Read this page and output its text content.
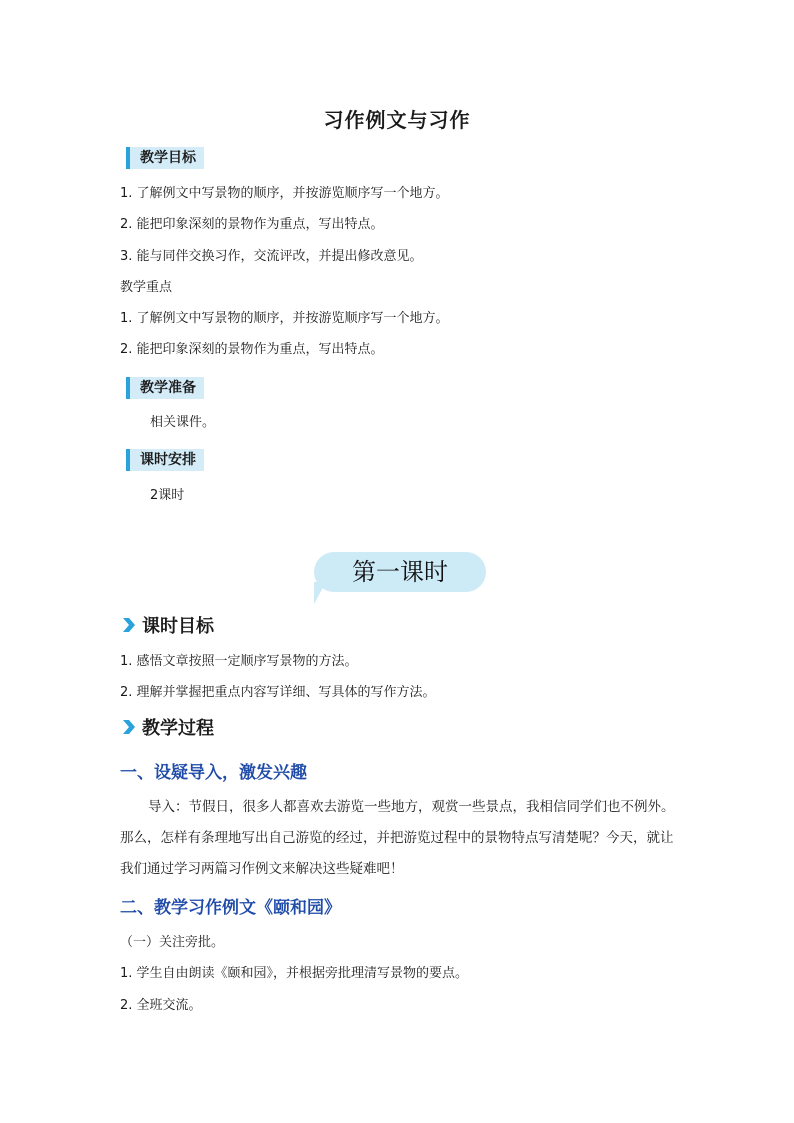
习作例文与习作
教学目标
1. 了解例文中写景物的顺序，并按游览顺序写一个地方。
2. 能把印象深刻的景物作为重点，写出特点。
3. 能与同伴交换习作，交流评改，并提出修改意见。
教学重点
1. 了解例文中写景物的顺序，并按游览顺序写一个地方。
2. 能把印象深刻的景物作为重点，写出特点。
教学准备
相关课件。
课时安排
2课时
第一课时
课时目标
1. 感悟文章按照一定顺序写景物的方法。
2. 理解并掌握把重点内容写详细、写具体的写作方法。
教学过程
一、设疑导入，激发兴趣
导入：节假日，很多人都喜欢去游览一些地方，观赏一些景点，我相信同学们也不例外。那么，怎样有条理地写出自己游览的经过，并把游览过程中的景物特点写清楚呢？今天，就让我们通过学习两篇习作例文来解决这些疑难吧！
二、教学习作例文《颐和园》
（一）关注旁批。
1. 学生自由朗读《颐和园》，并根据旁批理清写景物的要点。
2. 全班交流。
